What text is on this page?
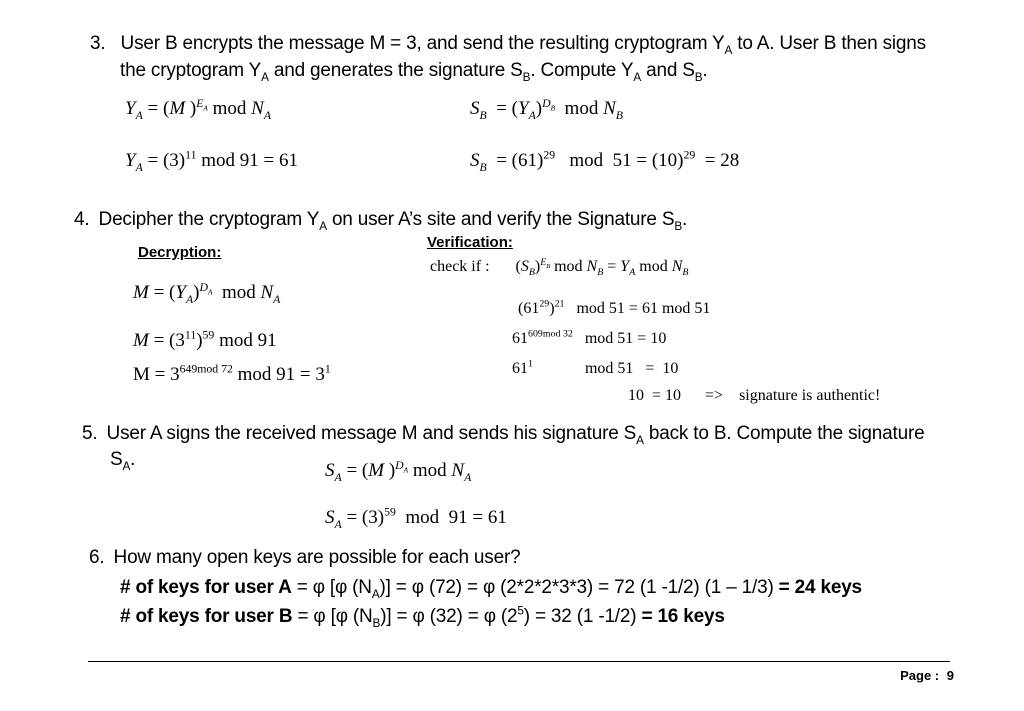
3. User B encrypts the message M = 3, and send the resulting cryptogram $Y_A$ to A. User B then signs
the cryptogram $Y_A$ and generates the signature $S_B$. Compute $Y_A$ and $S_B$.
$Y_A = (M$ )$^{E_A}$ mod $N_A$	$S_B = (Y_A)^{D_B}$  mod $N_B$
$Y_A = (3)^{11}$ mod 91 = 61	$S_B = (61)^{29}$   mod  $51 = (10)^{29} = 28$
4. Decipher the cryptogram $Y_A$ on user A’s site and verify the Signature $S_B$.
Decryption:
Verification:
$M = (Y_A)^{D_A}$  mod $N_A$
$M = (3^{11})^{59}$ mod 91
$M = 3^{649mod 72}$ mod $91 = 3^1$
check if : $(S_B)^{E_B}$ mod $N_B = Y_A$ mod $N_B$
$(61^{29})^{21}$   mod 51 = 61 mod 51
$61^{609mod 32}$   mod 51 = 10
$61^1$	mod 51   =  10
10  = 10      =>    signature is authentic!
5. User A signs the received message M and sends his signature $S_A$ back to B. Compute the signature
$S_A$.
$S_A = (M$ )$^{D_A}$ mod $N_A$
$S_A = (3)^{59}$  mod  91 = 61
6. How many open keys are possible for each user?
# of keys for user A = φ [φ $(N_A)] = \varphi$ (72) = φ (2*2*2*3*3) = 72 (1 -1/2) (1 – 1/3) = 24 keys
# of keys for user B = φ [φ $(N_B)] = \varphi$ (32) = φ $(2^5) = 32$ (1 -1/2) = 16 keys
Page : 9
